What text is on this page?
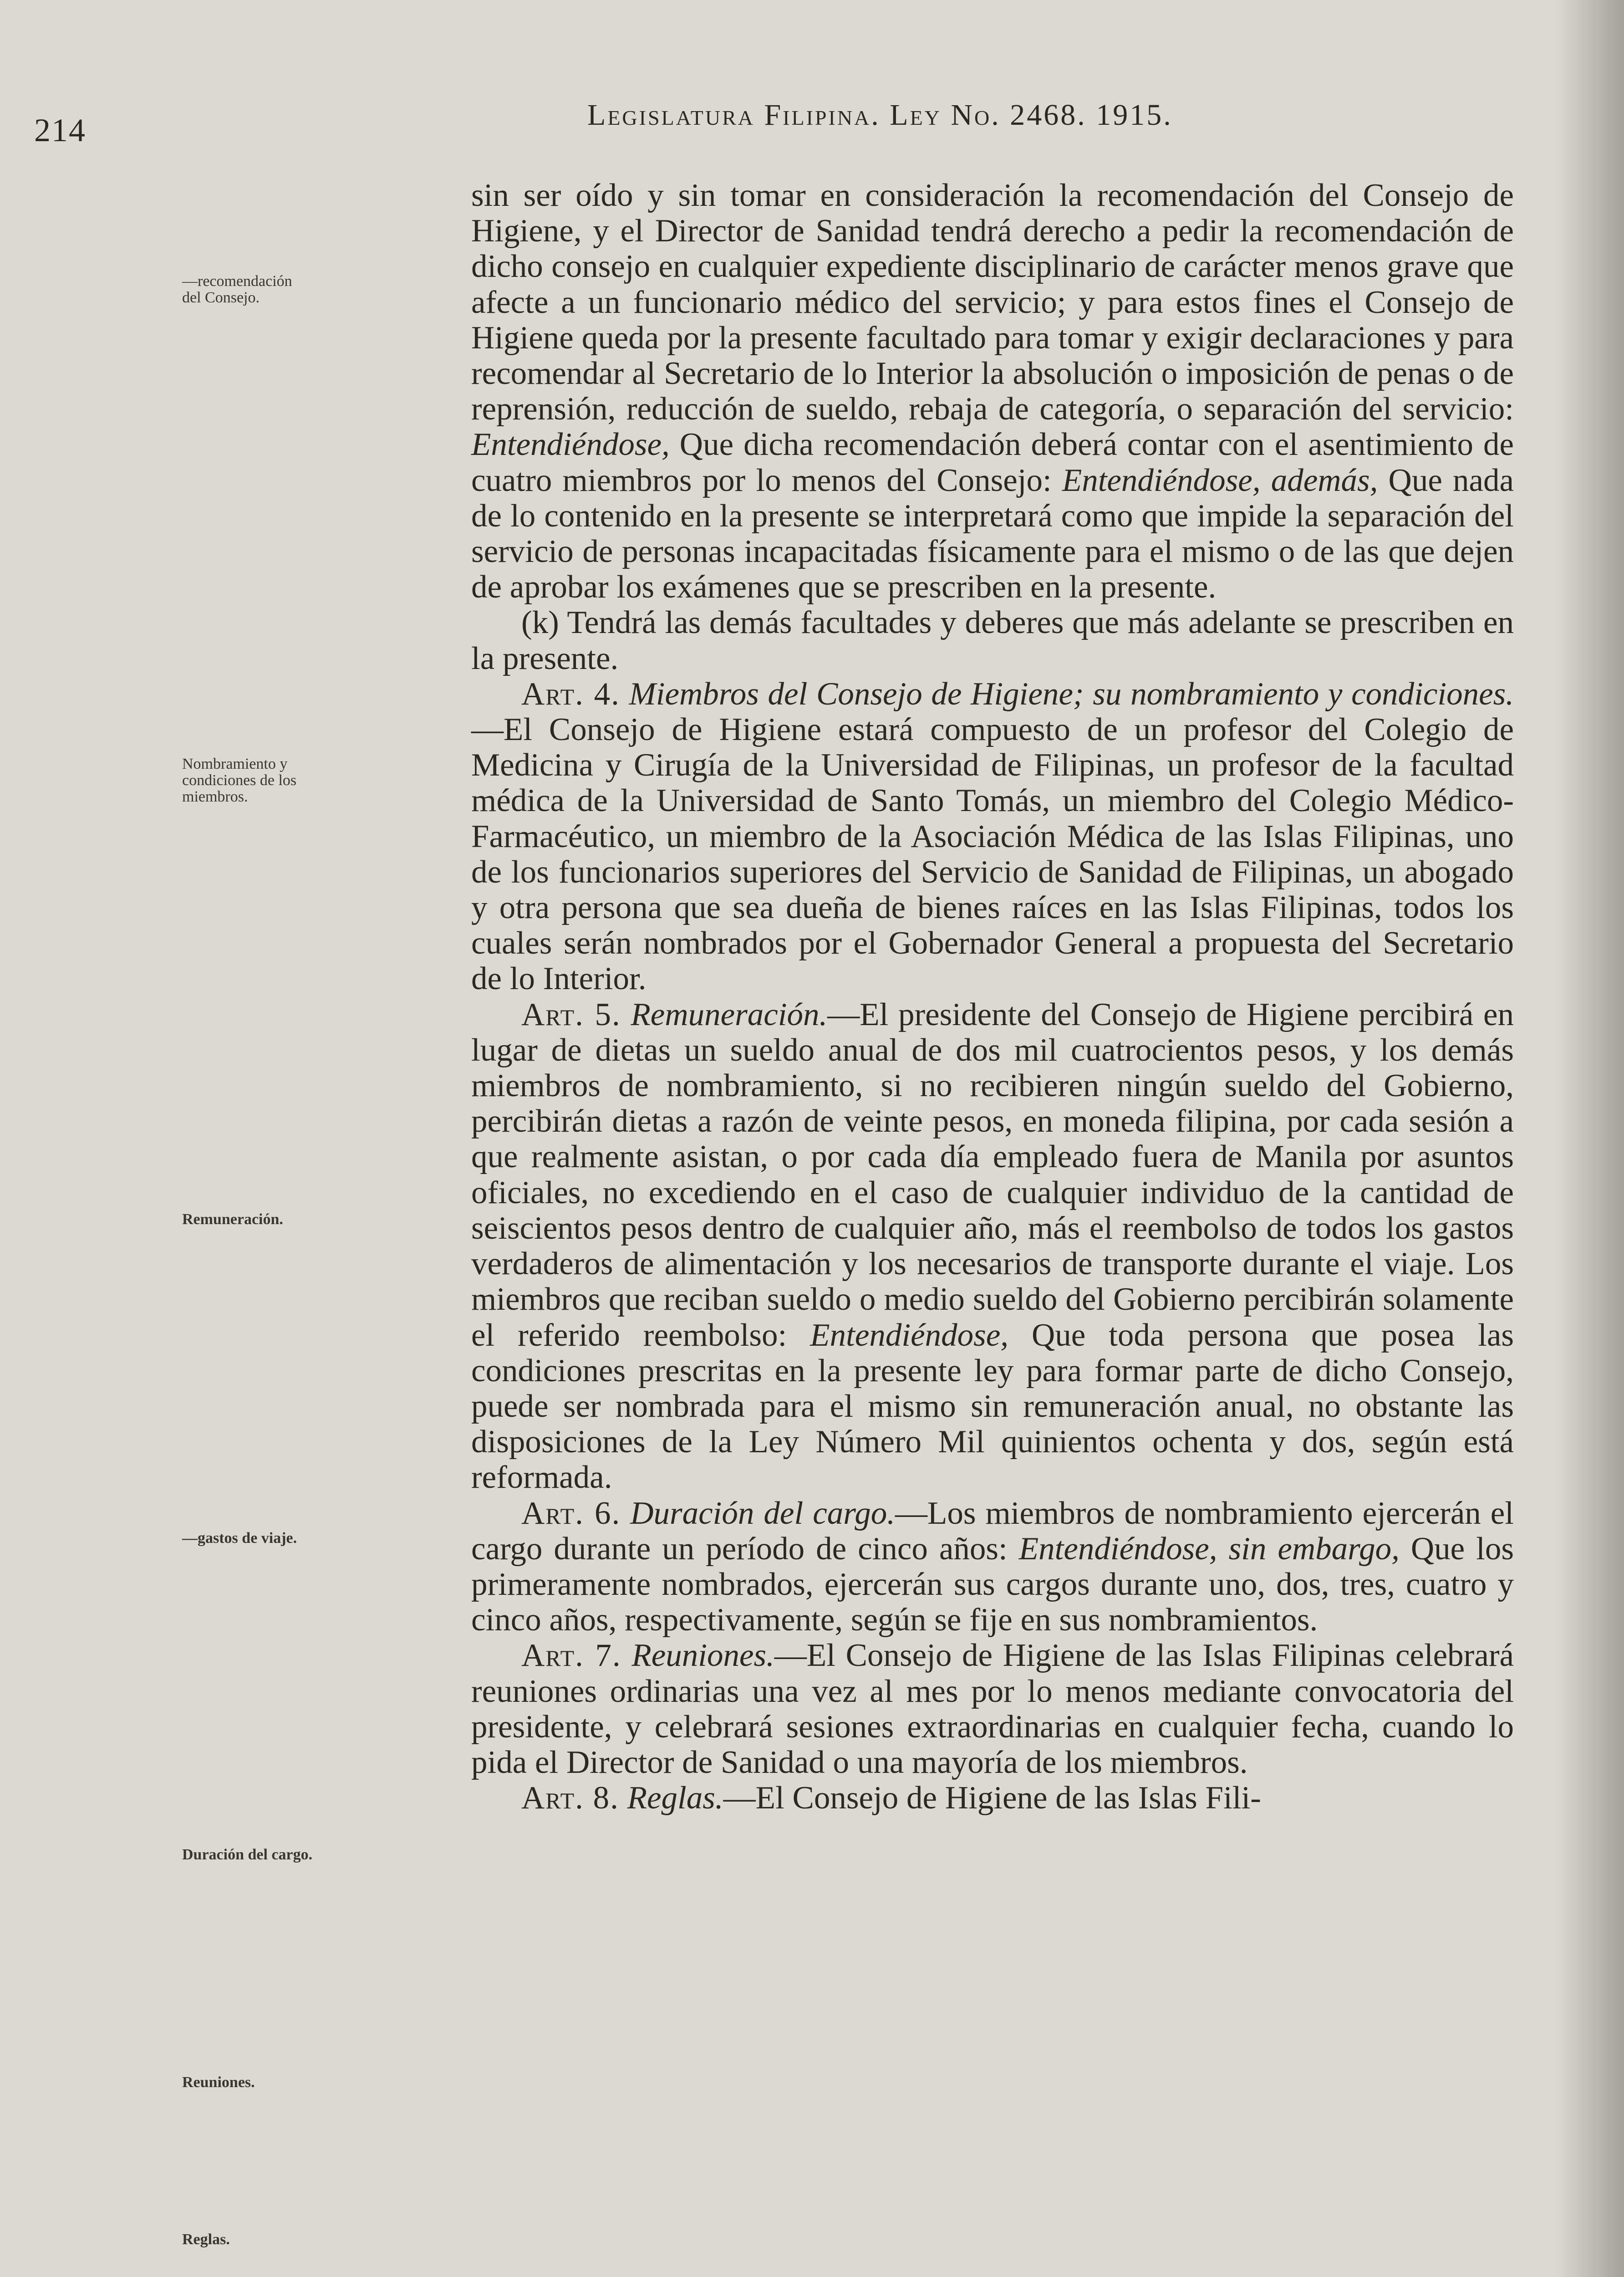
214	Legislatura Filipina. Ley No. 2468. 1915.
—recomendación del Consejo.
Nombramiento y condiciones de los miembros.
Remuneración.
—gastos de viaje.
Duración del cargo.
Reuniones.
Reglas.

sin ser oído y sin tomar en consideración la recomendación del Consejo de Higiene, y el Director de Sanidad tendrá derecho a pedir la recomendación de dicho consejo en cualquier expediente disciplinario de carácter menos grave que afecte a un funcionario médico del servicio; y para estos fines el Consejo de Higiene queda por la presente facultado para tomar y exigir declaraciones y para recomendar al Secretario de lo Interior la absolución o imposición de penas o de reprensión, reducción de sueldo, rebaja de categoría, o separación del servicio: Entendiéndose, Que dicha recomendación deberá contar con el asentimiento de cuatro miembros por lo menos del Consejo: Entendiéndose, además, Que nada de lo contenido en la presente se interpretará como que impide la separación del servicio de personas incapacitadas físicamente para el mismo o de las que dejen de aprobar los exámenes que se prescriben en la presente.

(k) Tendrá las demás facultades y deberes que más adelante se prescriben en la presente.

Art. 4. Miembros del Consejo de Higiene; su nombramiento y condiciones.—El Consejo de Higiene estará compuesto de un profesor del Colegio de Medicina y Cirugía de la Universidad de Filipinas, un profesor de la facultad médica de la Universidad de Santo Tomás, un miembro del Colegio Médico-Farmacéutico, un miembro de la Asociación Médica de las Islas Filipinas, uno de los funcionarios superiores del Servicio de Sanidad de Filipinas, un abogado y otra persona que sea dueña de bienes raíces en las Islas Filipinas, todos los cuales serán nombrados por el Gobernador General a propuesta del Secretario de lo Interior.

Art. 5. Remuneración.—El presidente del Consejo de Higiene percibirá en lugar de dietas un sueldo anual de dos mil cuatrocientos pesos, y los demás miembros de nombramiento, si no recibieren ningún sueldo del Gobierno, percibirán dietas a razón de veinte pesos, en moneda filipina, por cada sesión a que realmente asistan, o por cada día empleado fuera de Manila por asuntos oficiales, no excediendo en el caso de cualquier individuo de la cantidad de seiscientos pesos dentro de cualquier año, más el reembolso de todos los gastos verdaderos de alimentación y los necesarios de transporte durante el viaje. Los miembros que reciban sueldo o medio sueldo del Gobierno percibirán solamente el referido reembolso: Entendiéndose, Que toda persona que posea las condiciones prescritas en la presente ley para formar parte de dicho Consejo, puede ser nombrada para el mismo sin remuneración anual, no obstante las disposiciones de la Ley Número Mil quinientos ochenta y dos, según está reformada.

Art. 6. Duración del cargo.—Los miembros de nombramiento ejercerán el cargo durante un período de cinco años: Entendiéndose, sin embargo, Que los primeramente nombrados, ejercerán sus cargos durante uno, dos, tres, cuatro y cinco años, respectivamente, según se fije en sus nombramientos.

Art. 7. Reuniones.—El Consejo de Higiene de las Islas Filipinas celebrará reuniones ordinarias una vez al mes por lo menos mediante convocatoria del presidente, y celebrará sesiones extraordinarias en cualquier fecha, cuando lo pida el Director de Sanidad o una mayoría de los miembros.

Art. 8. Reglas.—El Consejo de Higiene de las Islas Fili-
